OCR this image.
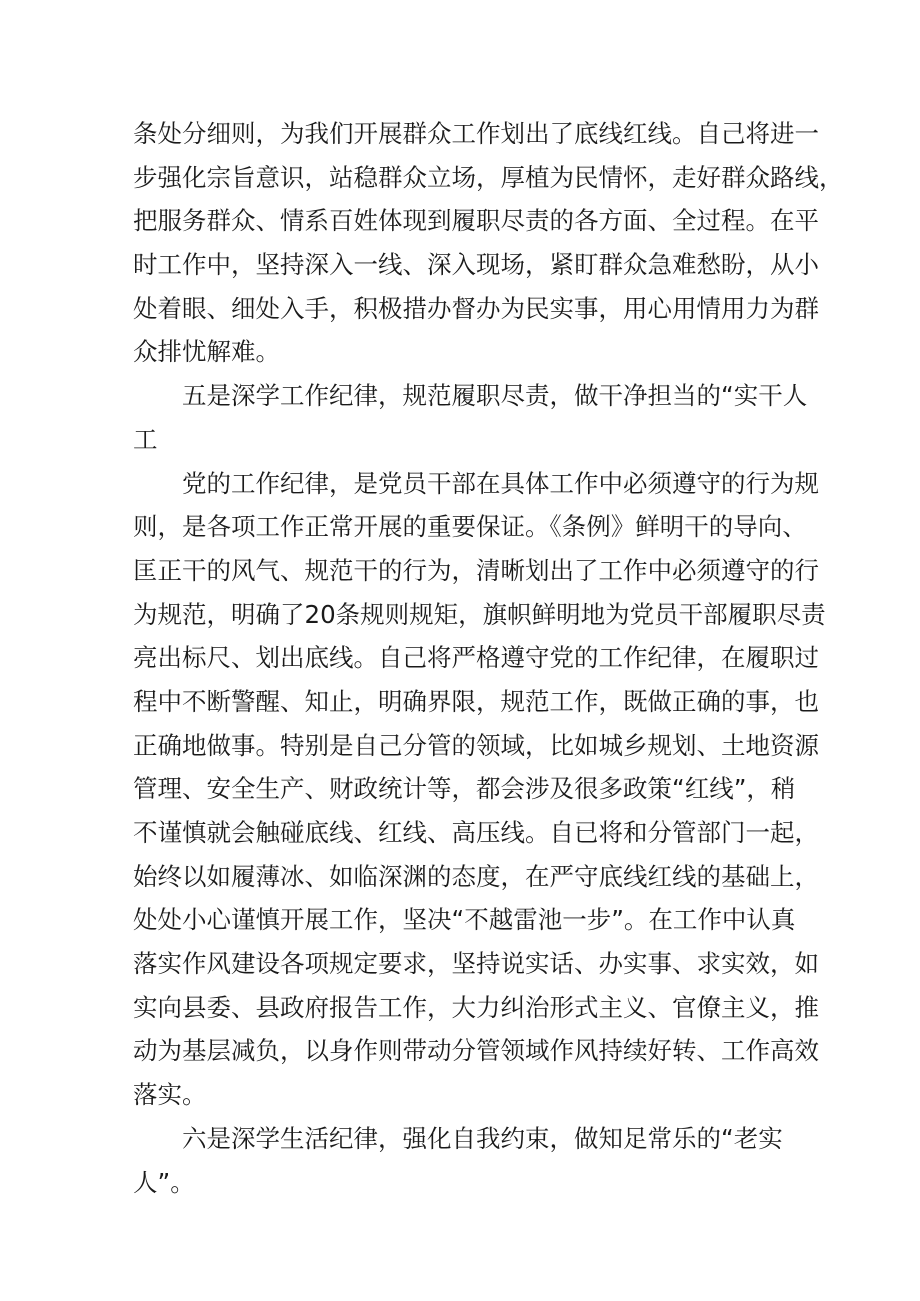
条处分细则，为我们开展群众工作划出了底线红线。自己将进一
步强化宗旨意识，站稳群众立场，厚植为民情怀，走好群众路线，
把服务群众、情系百姓体现到履职尽责的各方面、全过程。在平
时工作中，坚持深入一线、深入现场，紧盯群众急难愁盼，从小
处着眼、细处入手，积极措办督办为民实事，用心用情用力为群
众排忧解难。
五是深学工作纪律，规范履职尽责，做干净担当的“实干人
工
党的工作纪律，是党员干部在具体工作中必须遵守的行为规
则，是各项工作正常开展的重要保证。《条例》鲜明干的导向、
匡正干的风气、规范干的行为，清晰划出了工作中必须遵守的行
为规范，明确了20条规则规矩，旗帜鲜明地为党员干部履职尽责
亮出标尺、划出底线。自己将严格遵守党的工作纪律，在履职过
程中不断警醒、知止，明确界限，规范工作，既做正确的事，也
正确地做事。特别是自己分管的领域，比如城乡规划、土地资源
管理、安全生产、财政统计等，都会涉及很多政策“红线”，稍
不谨慎就会触碰底线、红线、高压线。自已将和分管部门一起，
始终以如履薄冰、如临深渊的态度，在严守底线红线的基础上，
处处小心谨慎开展工作，坚决“不越雷池一步”。在工作中认真
落实作风建设各项规定要求，坚持说实话、办实事、求实效，如
实向县委、县政府报告工作，大力纠治形式主义、官僚主义，推
动为基层减负，以身作则带动分管领域作风持续好转、工作高效
落实。
六是深学生活纪律，强化自我约束，做知足常乐的“老实
人”。
